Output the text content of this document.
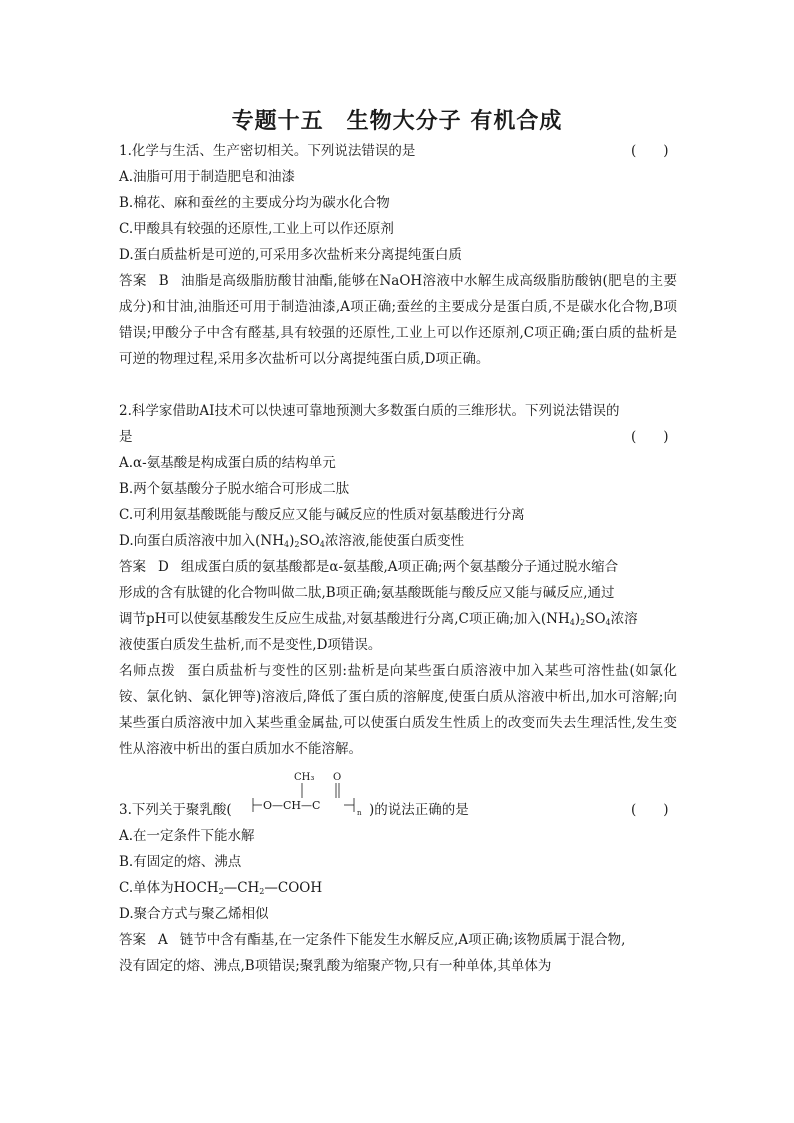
专题十五　生物大分子 有机合成
1.化学与生活、生产密切相关。下列说法错误的是	(　　)
A.油脂可用于制造肥皂和油漆
B.棉花、麻和蚕丝的主要成分均为碳水化合物
C.甲酸具有较强的还原性,工业上可以作还原剂
D.蛋白质盐析是可逆的,可采用多次盐析来分离提纯蛋白质
答案 B 油脂是高级脂肪酸甘油酯,能够在NaOH溶液中水解生成高级脂肪酸钠(肥皂的主要成分)和甘油,油脂还可用于制造油漆,A项正确;蚕丝的主要成分是蛋白质,不是碳水化合物,B项错误;甲酸分子中含有醛基,具有较强的还原性,工业上可以作还原剂,C项正确;蛋白质的盐析是可逆的物理过程,采用多次盐析可以分离提纯蛋白质,D项正确。
2.科学家借助AI技术可以快速可靠地预测大多数蛋白质的三维形状。下列说法错误的
是	(　　)
A.α-氨基酸是构成蛋白质的结构单元
B.两个氨基酸分子脱水缩合可形成二肽
C.可利用氨基酸既能与酸反应又能与碱反应的性质对氨基酸进行分离
D.向蛋白质溶液中加入$(NH_4)_2SO_4$浓溶液,能使蛋白质变性
答案 D 组成蛋白质的氨基酸都是α-氨基酸,A项正确;两个氨基酸分子通过脱水缩合
形成的含有肽键的化合物叫做二肽,B项正确;氨基酸既能与酸反应又能与碱反应,通过
调节pH可以使氨基酸发生反应生成盐,对氨基酸进行分离,C项正确;加入$(NH_4)_2SO_4$浓溶
液使蛋白质发生盐析,而不是变性,D项错误。
名师点拨 蛋白质盐析与变性的区别:盐析是向某些蛋白质溶液中加入某些可溶性盐(如氯化铵、氯化钠、氯化钾等)溶液后,降低了蛋白质的溶解度,使蛋白质从溶液中析出,加水可溶解;向某些蛋白质溶液中加入某些重金属盐,可以使蛋白质发生性质上的改变而失去生理活性,发生变性从溶液中析出的蛋白质加水不能溶解。
CH₃ O
O—CH—C
n
3.下列关于聚乳酸(	)的说法正确的是	(　　)
A.在一定条件下能水解
B.有固定的熔、沸点
C.单体为$HOCH_2—CH_2—COOH$
D.聚合方式与聚乙烯相似
答案 A 链节中含有酯基,在一定条件下能发生水解反应,A项正确;该物质属于混合物,
没有固定的熔、沸点,B项错误;聚乳酸为缩聚产物,只有一种单体,其单体为
